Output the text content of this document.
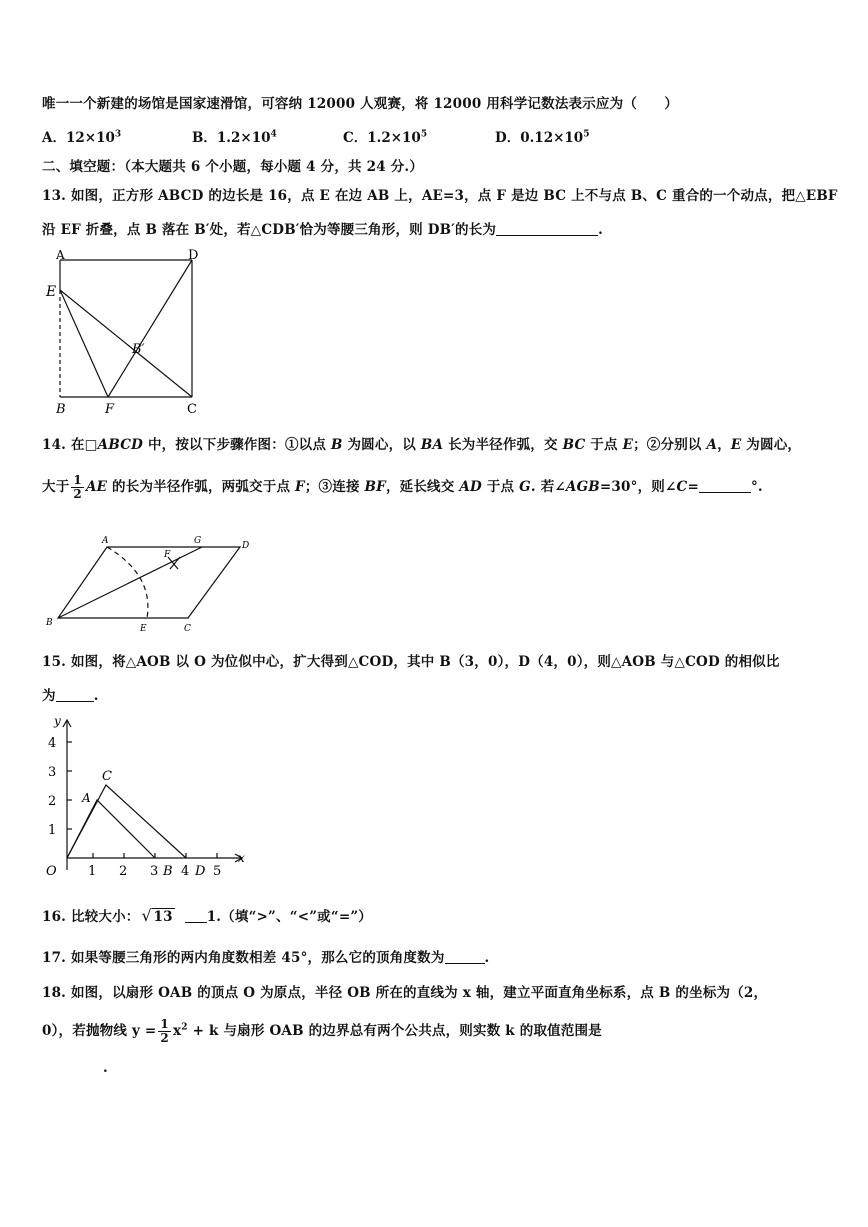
唯一一个新建的场馆是国家速滑馆，可容纳 12000 人观赛，将 12000 用科学记数法表示应为（　　）
A．$12\times 10^3$	B．$1.2\times 10^4$	C．$1.2\times 10^5$	D．$0.12\times 10^5$
二、填空题：（本大题共 6 个小题，每小题 4 分，共 24 分.）
13. 如图，正方形 ABCD 的边长是 16，点 E 在边 AB 上，AE=3，点 F 是边 BC 上不与点 B、C 重合的一个动点，把△EBF
沿 EF 折叠，点 B 落在 B′处，若△CDB′恰为等腰三角形，则 DB′的长为	.
A	D
E
B′
B	F	C
14. 在□ABCD 中，按以下步骤作图：①以点 B 为圆心，以 BA 长为半径作弧，交 BC 于点 E；②分别以 A，E 为圆心，
大于 $\frac{1}{2}$ AE 的长为半径作弧，两弧交于点 F；③连接 BF，延长线交 AD 于点 G. 若∠AGB=30°，则∠C=	°.
A	G	D
F
B
E	C
15. 如图，将△AOB 以 O 为位似中心，扩大得到△COD，其中 B（3，0），D（4，0），则△AOB 与△COD 的相似比
为	.
y
x
O 1 2 3 4 5
1
2
3
4
A
C
B D
16. 比较大小： √ 13	1.（填“>”、“<”或“=”）
17. 如果等腰三角形的两内角度数相差 45°，那么它的顶角度数为	.
18. 如图，以扇形 OAB 的顶点 O 为原点，半径 OB 所在的直线为 x 轴，建立平面直角坐标系，点 B 的坐标为（2，
0），若抛物线 $y = \frac{1}{2} x^2 + k$ 与扇形 OAB 的边界总有两个公共点，则实数 k 的取值范围是
.
